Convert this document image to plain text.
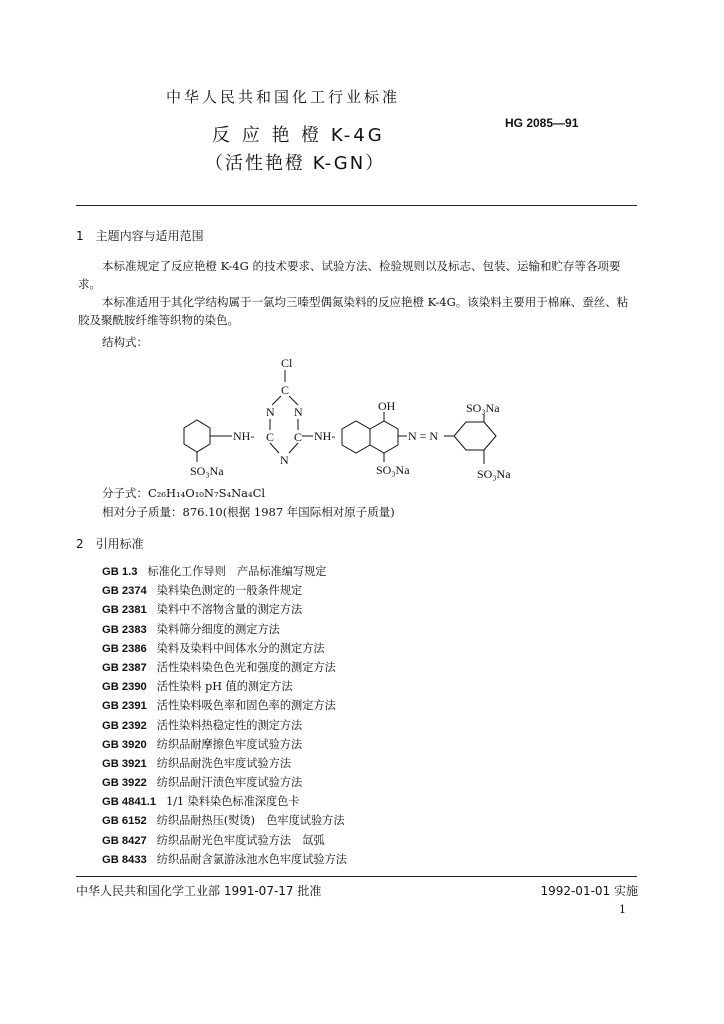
中华人民共和国化工行业标准
反 应 艳 橙 K-4G
（活性艳橙 K-GN）
HG 2085—91
1　主题内容与适用范围
本标准规定了反应艳橙 K-4G 的技术要求、试验方法、检验规则以及标志、包装、运输和贮存等各项要求。
本标准适用于其化学结构属于一氯均三嗪型偶氮染料的反应艳橙 K-4G。该染料主要用于棉麻、蚕丝、粘胶及聚酰胺纤维等织物的染色。
结构式：
NH-
SO₃Na
Cl
C
N N
C C
N
NH-
OH
SO₃Na
N = N
SO₃Na
SO₃Na
分子式：C₂₆H₁₄O₁₀N₇S₄Na₄Cl
相对分子质量：876.10(根据 1987 年国际相对原子质量)
2　引用标准
GB 1.3 标准化工作导则　产品标准编写规定
GB 2374 染料染色测定的一般条件规定
GB 2381 染料中不溶物含量的测定方法
GB 2383 染料筛分细度的测定方法
GB 2386 染料及染料中间体水分的测定方法
GB 2387 活性染料染色色光和强度的测定方法
GB 2390 活性染料 pH 值的测定方法
GB 2391 活性染料吸色率和固色率的测定方法
GB 2392 活性染料热稳定性的测定方法
GB 3920 纺织品耐摩擦色牢度试验方法
GB 3921 纺织品耐洗色牢度试验方法
GB 3922 纺织品耐汗渍色牢度试验方法
GB 4841.1 1/1 染料染色标准深度色卡
GB 6152 纺织品耐热压(熨烫)　色牢度试验方法
GB 8427 纺织品耐光色牢度试验方法　氙弧
GB 8433 纺织品耐含氯游泳池水色牢度试验方法
中华人民共和国化学工业部 1991-07-17 批准	1992-01-01 实施
1
